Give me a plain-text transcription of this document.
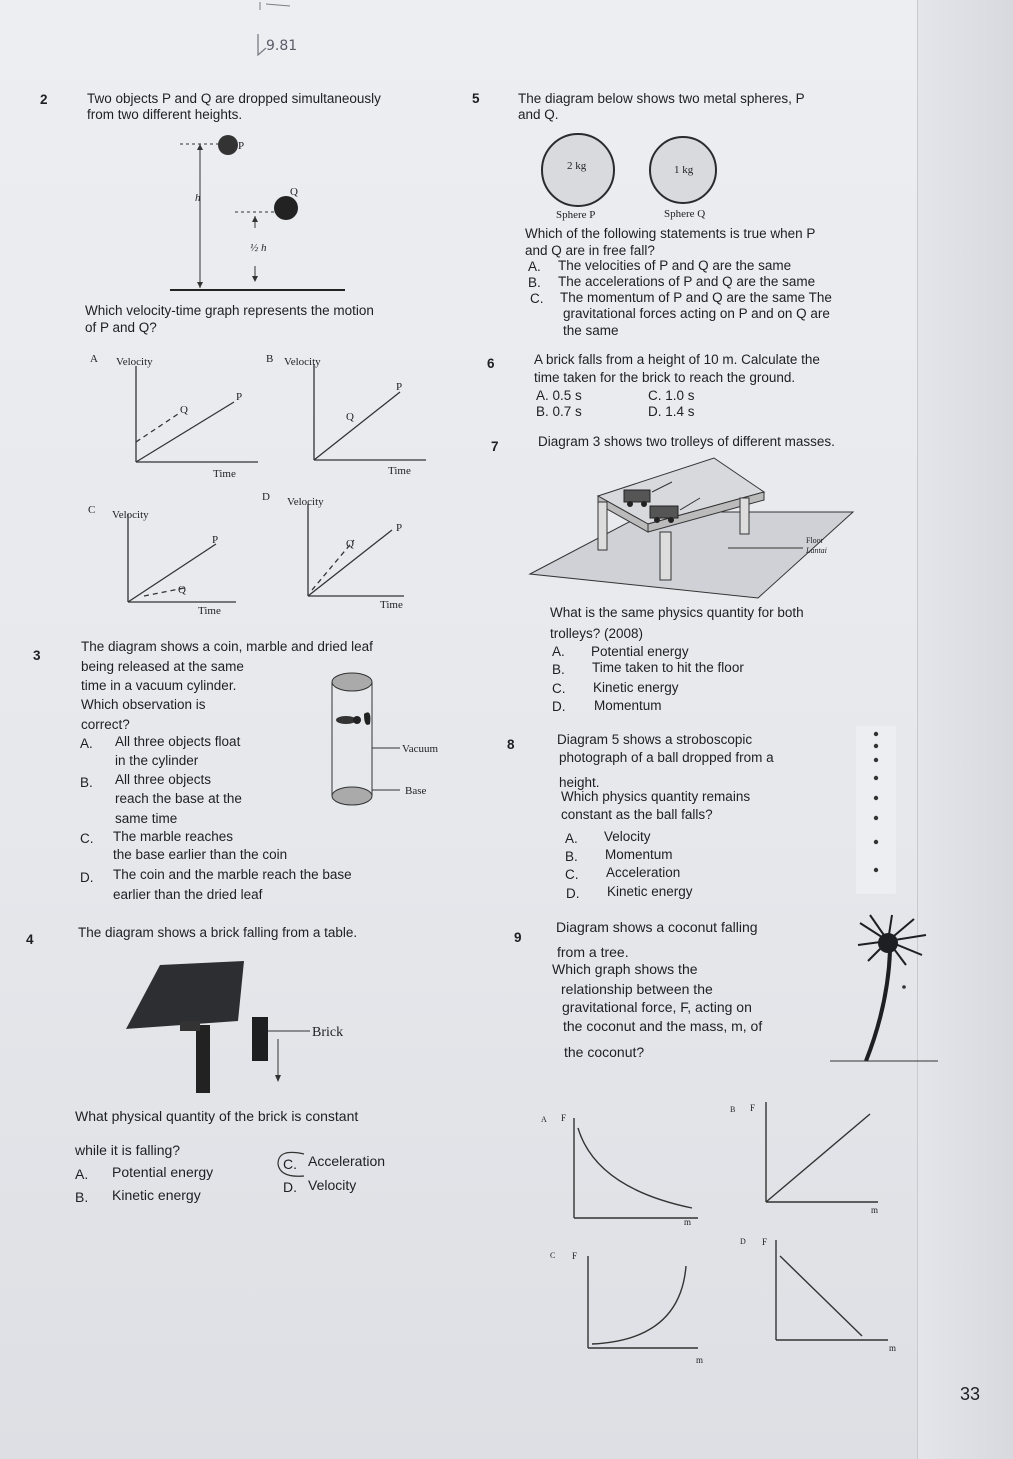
9.81
2	Two objects P and Q are dropped simultaneously
from two different heights.
P
Q
h
½ h
Which velocity-time graph represents the motion
of P and Q?
A Velocity
P
Q
Time
B Velocity
P
Q
Time
C Velocity
P
Q
Time
D Velocity
P
Q
Time
3
The diagram shows a coin, marble and dried leaf
being released at the same
time in a vacuum cylinder.
Which observation is
correct?
Vacuum
Base
A. All three objects float
in the cylinder
B. All three objects
reach the base at the
same time
C. The marble reaches
the base earlier than the coin
D. The coin and the marble reach the base
earlier than the dried leaf
4	The diagram shows a brick falling from a table.
Brick
What physical quantity of the brick is constant
while it is falling?
A. Potential energy
B. Kinetic energy
C. Acceleration
D. Velocity
5	The diagram below shows two metal spheres, P
and Q.
2 kg	1 kg
Sphere P	Sphere Q
Which of the following statements is true when P
and Q are in free fall?
A. The velocities of P and Q are the same
B. The accelerations of P and Q are the same
C. The momentum of P and Q are the same The
gravitational forces acting on P and on Q are
the same
6	A brick falls from a height of 10 m. Calculate the
time taken for the brick to reach the ground.
A. 0.5 s
B. 0.7 s
C. 1.0 s
D. 1.4 s
7	Diagram 3 shows two trolleys of different masses.
Floor
Lantai
What is the same physics quantity for both
trolleys? (2008)
A. Potential energy
B. Time taken to hit the floor
C. Kinetic energy
D. Momentum
8	Diagram 5 shows a stroboscopic
photograph of a ball dropped from a
height.
Which physics quantity remains
constant as the ball falls?
A. Velocity
B. Momentum
C. Acceleration
D. Kinetic energy
9
Diagram shows a coconut falling
from a tree.
Which graph shows the
relationship between the
gravitational force, F, acting on
the coconut and the mass, m, of
the coconut?
A F
m
B F
m
C F
m
D F
m
33
